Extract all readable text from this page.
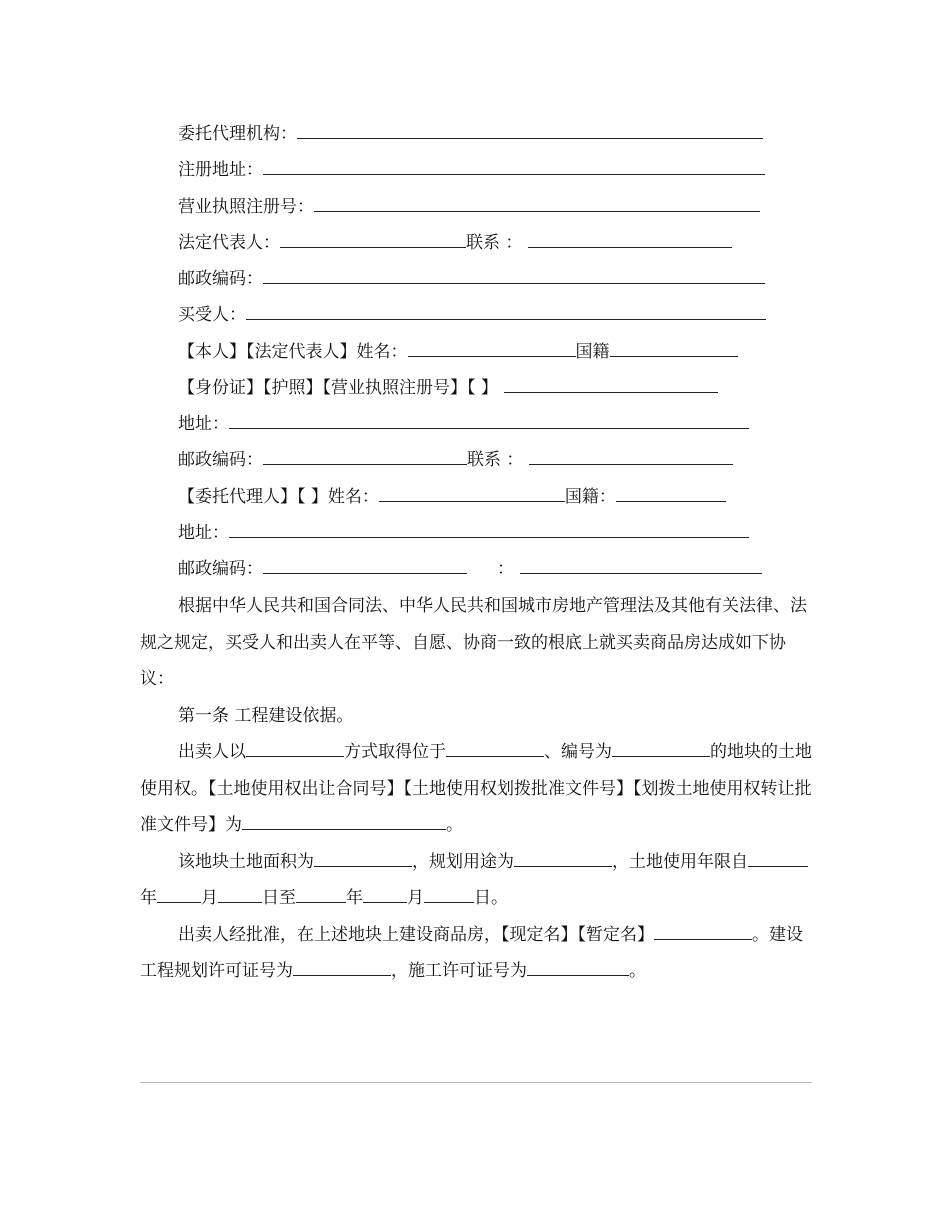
委托代理机构：
注册地址：
营业执照注册号：
法定代表人：	联系 ：
邮政编码：
买受人：
【本人】【法定代表人】姓名：	国籍
【身份证】【护照】【营业执照注册号】【 】
地址：
邮政编码：	联系 ：
【委托代理人】【 】姓名：	国籍：
地址：
邮政编码：	：

根据中华人民共和国合同法、中华人民共和国城市房地产管理法及其他有关法律、法规之规定，买受人和出卖人在平等、自愿、协商一致的根底上就买卖商品房达成如下协议：

第一条 工程建设依据。

出卖人以	方式取得位于	、编号为	的地块的土地使用权。【土地使用权出让合同号】【土地使用权划拨批准文件号】【划拨土地使用权转让批准文件号】为	。

该地块土地面积为	，规划用途为	，土地使用年限自年	月	日至	年	月	日。

出卖人经批准，在上述地块上建设商品房，【现定名】【暂定名】	。建设工程规划许可证号为	，施工许可证号为	。
